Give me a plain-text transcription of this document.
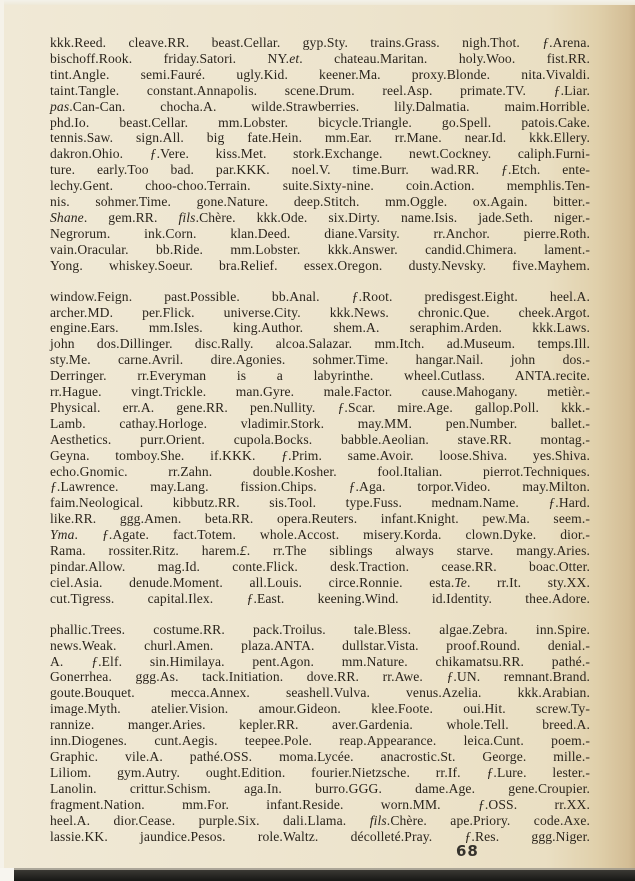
kkk.Reed. cleave.RR. beast.Cellar. gyp.Sty. trains.Grass. nigh.Thot. ƒ.Arena.
bischoff.Rook. friday.Satori. NY.et. chateau.Maritan. holy.Woo. fist.RR.
tint.Angle. semi.Fauré. ugly.Kid. keener.Ma. proxy.Blonde. nita.Vivaldi.
taint.Tangle. constant.Annapolis. scene.Drum. reel.Asp. primate.TV. ƒ.Liar.
pas.Can-Can. chocha.A. wilde.Strawberries. lily.Dalmatia. maim.Horrible.
phd.Io. beast.Cellar. mm.Lobster. bicycle.Triangle. go.Spell. patois.Cake.
tennis.Saw. sign.All. big fate.Hein. mm.Ear. rr.Mane. near.Id. kkk.Ellery.
dakron.Ohio. ƒ.Vere. kiss.Met. stork.Exchange. newt.Cockney. caliph.Furni-
ture. early.Too bad. par.KKK. noel.V. time.Burr. wad.RR. ƒ.Etch. ente-
lechy.Gent. choo-choo.Terrain. suite.Sixty-nine. coin.Action. memphlis.Ten-
nis. sohmer.Time. gone.Nature. deep.Stitch. mm.Oggle. ox.Again. bitter.-
Shane. gem.RR. fils.Chère. kkk.Ode. six.Dirty. name.Isis. jade.Seth. niger.-
Negrorum. ink.Corn. klan.Deed. diane.Varsity. rr.Anchor. pierre.Roth.
vain.Oracular. bb.Ride. mm.Lobster. kkk.Answer. candid.Chimera. lament.-
Yong. whiskey.Soeur. bra.Relief. essex.Oregon. dusty.Nevsky. five.Mayhem.
window.Feign. past.Possible. bb.Anal. ƒ.Root. predisgest.Eight. heel.A.
archer.MD. per.Flick. universe.City. kkk.News. chronic.Que. cheek.Argot.
engine.Ears. mm.Isles. king.Author. shem.A. seraphim.Arden. kkk.Laws.
john dos.Dillinger. disc.Rally. alcoa.Salazar. mm.Itch. ad.Museum. temps.Ill.
sty.Me. carne.Avril. dire.Agonies. sohmer.Time. hangar.Nail. john dos.-
Derringer. rr.Everyman is a labyrinthe. wheel.Cutlass. ANTA.recite.
rr.Hague. vingt.Trickle. man.Gyre. male.Factor. cause.Mahogany. metièr.-
Physical. err.A. gene.RR. pen.Nullity. ƒ.Scar. mire.Age. gallop.Poll. kkk.-
Lamb. cathay.Horloge. vladimir.Stork. may.MM. pen.Number. ballet.-
Aesthetics. purr.Orient. cupola.Bocks. babble.Aeolian. stave.RR. montag.-
Geyna. tomboy.She. if.KKK. ƒ.Prim. same.Avoir. loose.Shiva. yes.Shiva.
echo.Gnomic. rr.Zahn. double.Kosher. fool.Italian. pierrot.Techniques.
ƒ.Lawrence. may.Lang. fission.Chips. ƒ.Aga. torpor.Video. may.Milton.
faim.Neological. kibbutz.RR. sis.Tool. type.Fuss. mednam.Name. ƒ.Hard.
like.RR. ggg.Amen. beta.RR. opera.Reuters. infant.Knight. pew.Ma. seem.-
Yma. ƒ.Agate. fact.Totem. whole.Accost. misery.Korda. clown.Dyke. dior.-
Rama. rossiter.Ritz. harem.£. rr.The siblings always starve. mangy.Aries.
pindar.Allow. mag.Id. conte.Flick. desk.Traction. cease.RR. boac.Otter.
ciel.Asia. denude.Moment. all.Louis. circe.Ronnie. esta.Te. rr.It. sty.XX.
cut.Tigress. capital.Ilex. ƒ.East. keening.Wind. id.Identity. thee.Adore.
phallic.Trees. costume.RR. pack.Troilus. tale.Bless. algae.Zebra. inn.Spire.
news.Weak. churl.Amen. plaza.ANTA. dullstar.Vista. proof.Round. denial.-
A. ƒ.Elf. sin.Himilaya. pent.Agon. mm.Nature. chikamatsu.RR. pathé.-
Gonerrhea. ggg.As. tack.Initiation. dove.RR. rr.Awe. ƒ.UN. remnant.Brand.
goute.Bouquet. mecca.Annex. seashell.Vulva. venus.Azelia. kkk.Arabian.
image.Myth. atelier.Vision. amour.Gideon. klee.Foote. oui.Hit. screw.Ty-
rannize. manger.Aries. kepler.RR. aver.Gardenia. whole.Tell. breed.A.
inn.Diogenes. cunt.Aegis. teepee.Pole. reap.Appearance. leica.Cunt. poem.-
Graphic. vile.A. pathé.OSS. moma.Lycée. anacrostic.St. George. mille.-
Liliom. gym.Autry. ought.Edition. fourier.Nietzsche. rr.If. ƒ.Lure. lester.-
Lanolin. crittur.Schism. aga.In. burro.GGG. dame.Age. gene.Croupier.
fragment.Nation. mm.For. infant.Reside. worn.MM. ƒ.OSS. rr.XX.
heel.A. dior.Cease. purple.Six. dali.Llama. fils.Chère. ape.Priory. code.Axe.
lassie.KK. jaundice.Pesos. role.Waltz. décolleté.Pray. ƒ.Res. ggg.Niger.
68
